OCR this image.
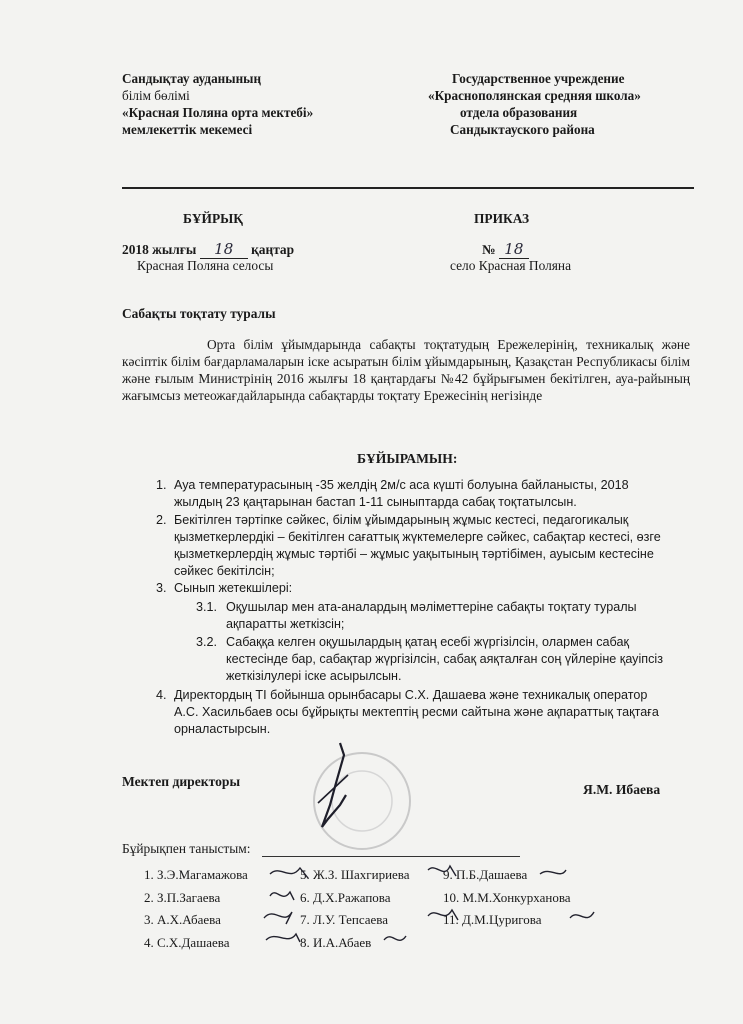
Сандықтау ауданының
білім бөлімі
«Красная Поляна орта мектебі»
мемлекеттік мекемесі
Государственное учреждение
«Краснополянская средняя школа»
отдела образования
Сандыктауского района
БҰЙРЫҚ	ПРИКАЗ
2018 жылғы 18 қаңтар	№ 18
Красная Поляна селосы	село Красная Поляна
Сабақты тоқтату туралы
Орта білім ұйымдарында сабақты тоқтатудың Ережелерінің, техникалық және кәсіптік білім бағдарламаларын іске асыратын білім ұйымдарының, Қазақстан Республикасы білім және ғылым Министрінің 2016 жылғы 18 қаңтардағы №42 бұйрығымен бекітілген, ауа-райының жағымсыз метеожағдайларында сабақтарды тоқтату Ережесінің негізінде
БҰЙЫРАМЫН:
1. Ауа температурасының -35 желдің 2м/с аса күшті болуына байланысты, 2018 жылдың 23 қаңтарынан бастап 1-11 сыныптарда сабақ тоқтатылсын.
2. Бекітілген тәртіпке сәйкес, білім ұйымдарының жұмыс кестесі, педагогикалық қызметкерлердікі – бекітілген сағаттық жүктемелерге сәйкес, сабақтар кестесі, өзге қызметкерлердің жұмыс тәртібі – жұмыс уақытының тәртібімен, ауысым кестесіне сәйкес бекітілсін;
3. Сынып жетекшілері:
3.1. Оқушылар мен ата-аналардың мәліметтеріне сабақты тоқтату туралы ақпаратты жеткізсін;
3.2. Сабаққа келген оқушылардың қатаң есебі жүргізілсін, олармен сабақ кестесінде бар, сабақтар жүргізілсін, сабақ аяқталған соң үйлеріне қауіпсіз жеткізілулері іске асырылсын.
4. Директордың ТІ бойынша орынбасары С.Х. Дашаева және техникалық оператор А.С. Хасильбаев осы бұйрықты мектептің ресми сайтына және ақпараттық тақтаға орналастырсын.
Мектеп директоры
Я.М. Ибаева
Бұйрықпен таныстым:
1. З.Э.Магамажова
2. З.П.Загаева
3. А.Х.Абаева
4. С.Х.Дашаева
5. Ж.З. Шахгириева
6. Д.Х.Ражапова
7. Л.У. Тепсаева
8. И.А.Абаев
9. П.Б.Дашаева
10. М.М.Хонкурханова
11. Д.М.Цуригова
